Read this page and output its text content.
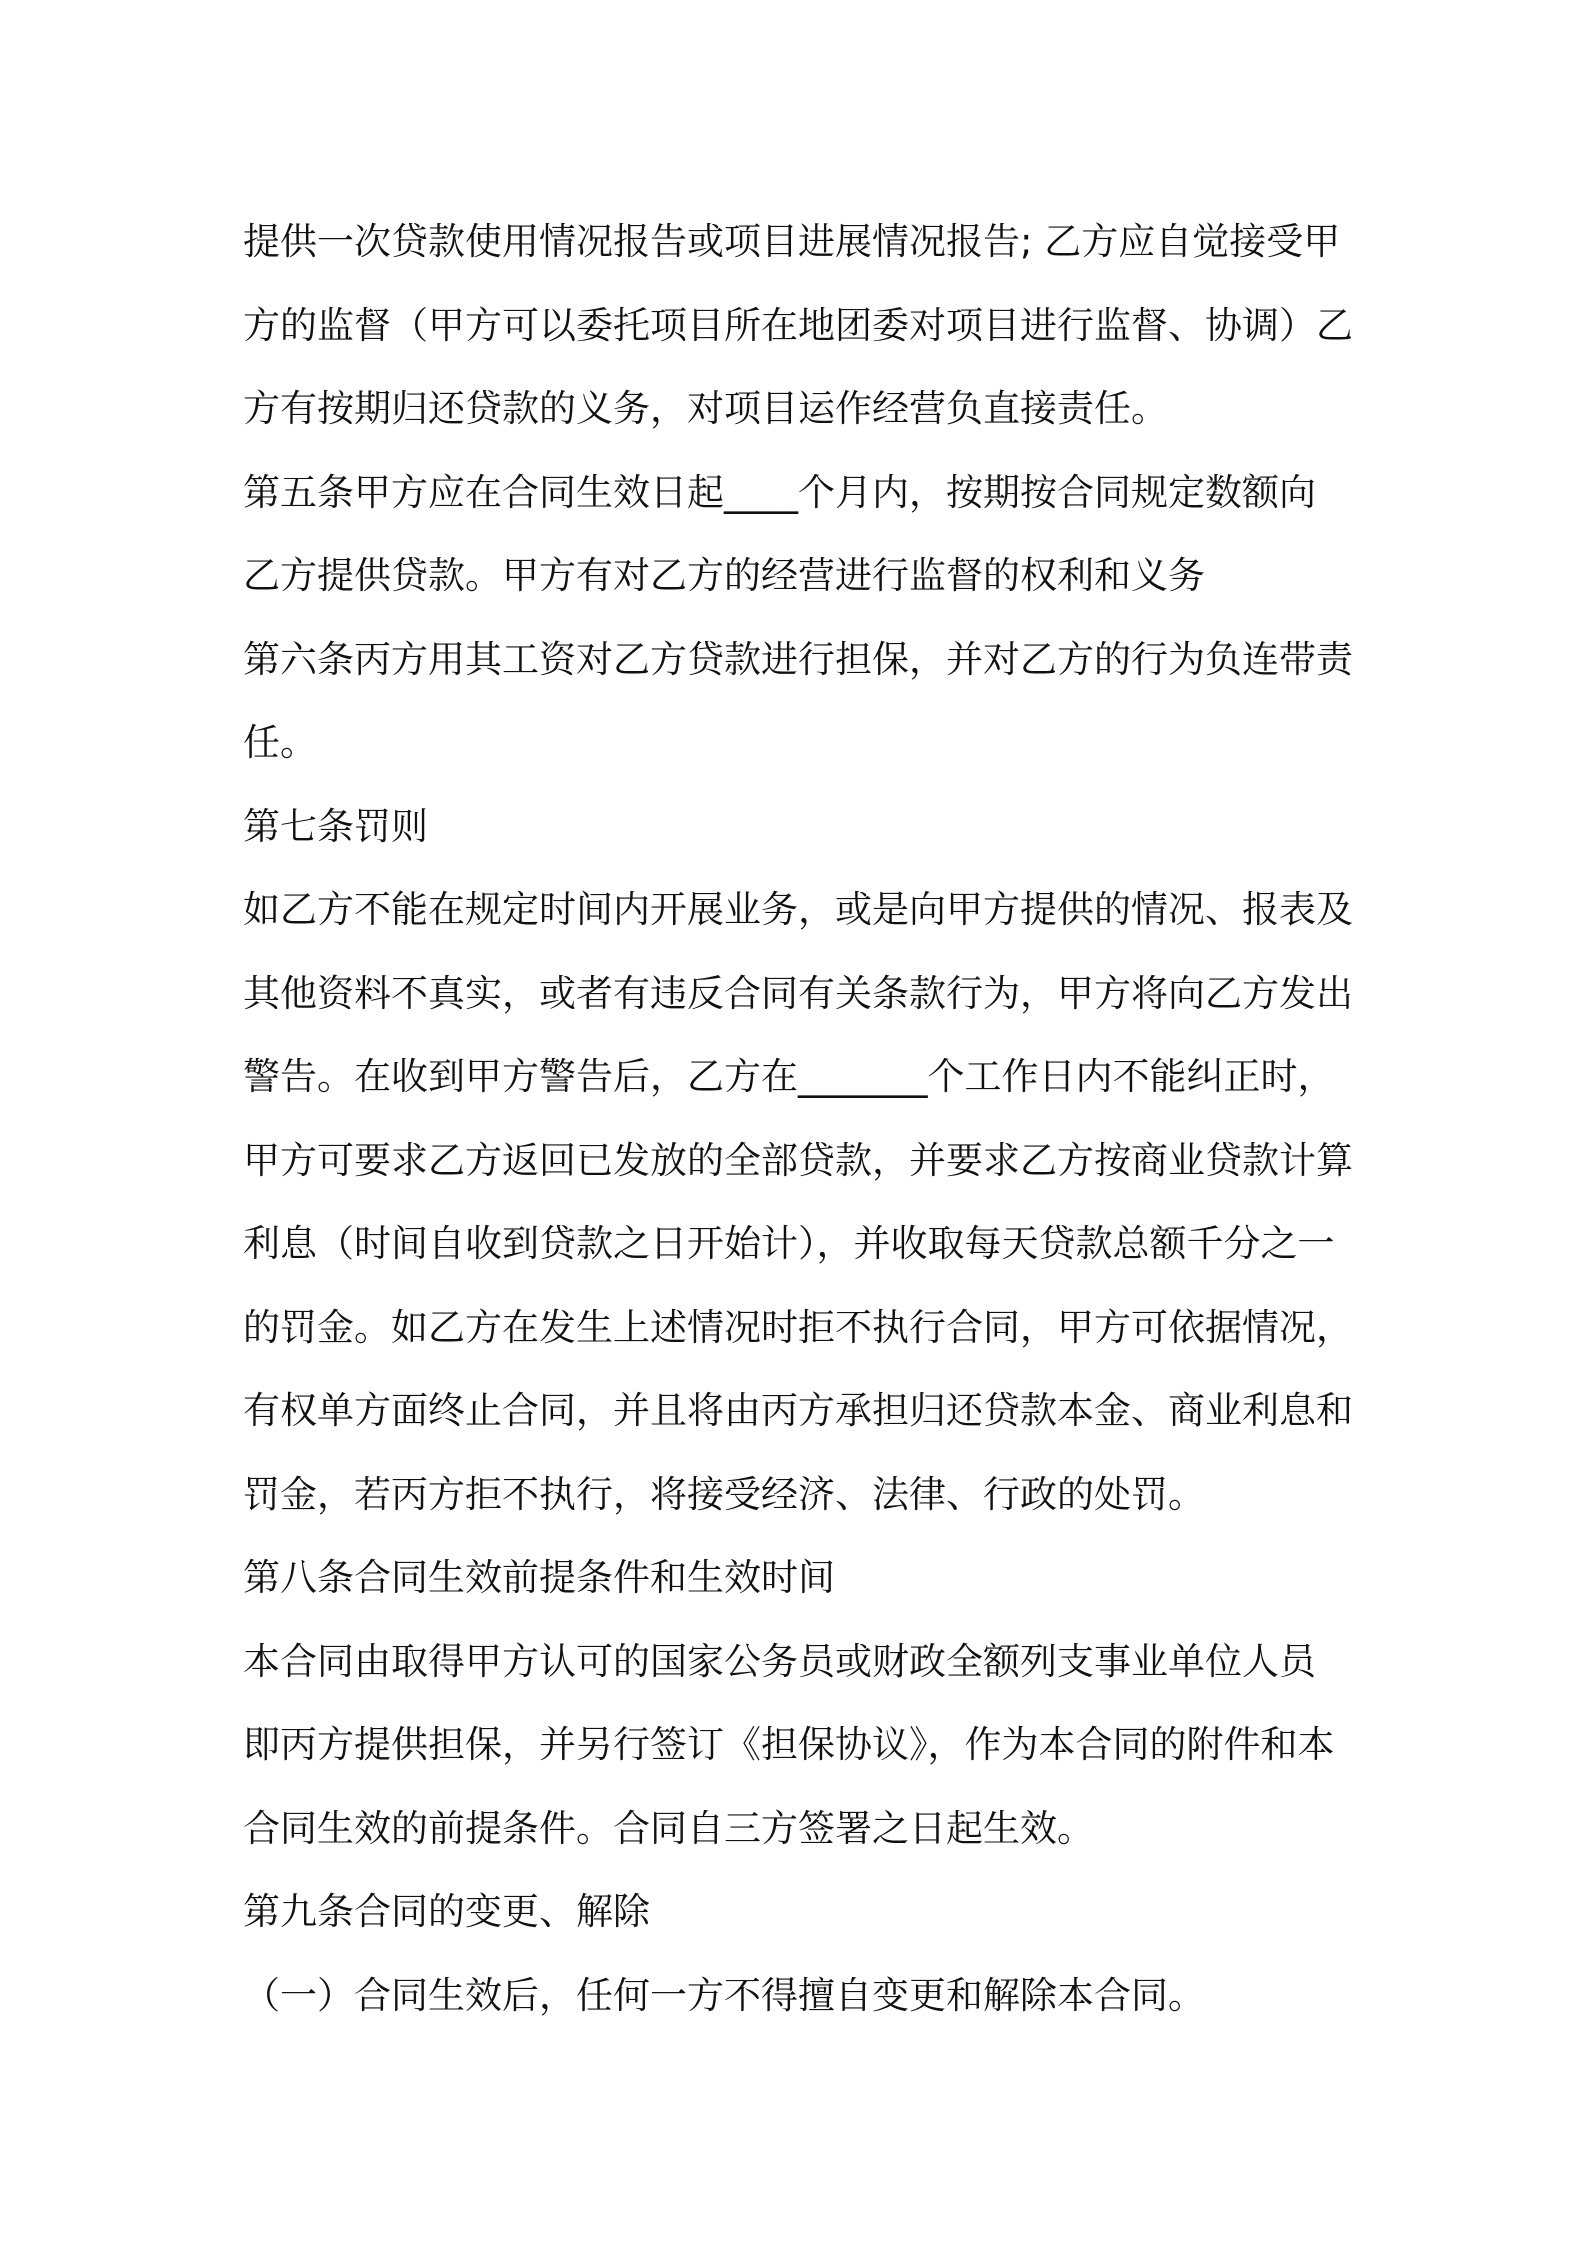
提供一次贷款使用情况报告或项目进展情况报告; 乙方应自觉接受甲
方的监督（甲方可以委托项目所在地团委对项目进行监督、协调）乙
方有按期归还贷款的义务，对项目运作经营负直接责任。
第五条甲方应在合同生效日起____个月内，按期按合同规定数额向
乙方提供贷款。甲方有对乙方的经营进行监督的权利和义务
第六条丙方用其工资对乙方贷款进行担保，并对乙方的行为负连带责
任。
第七条罚则
如乙方不能在规定时间内开展业务，或是向甲方提供的情况、报表及
其他资料不真实，或者有违反合同有关条款行为，甲方将向乙方发出
警告。在收到甲方警告后，乙方在_______个工作日内不能纠正时，
甲方可要求乙方返回已发放的全部贷款，并要求乙方按商业贷款计算
利息（时间自收到贷款之日开始计），并收取每天贷款总额千分之一
的罚金。如乙方在发生上述情况时拒不执行合同，甲方可依据情况，
有权单方面终止合同，并且将由丙方承担归还贷款本金、商业利息和
罚金，若丙方拒不执行，将接受经济、法律、行政的处罚。
第八条合同生效前提条件和生效时间
本合同由取得甲方认可的国家公务员或财政全额列支事业单位人员
即丙方提供担保，并另行签订《担保协议》，作为本合同的附件和本
合同生效的前提条件。合同自三方签署之日起生效。
第九条合同的变更、解除
（一）合同生效后，任何一方不得擅自变更和解除本合同。
